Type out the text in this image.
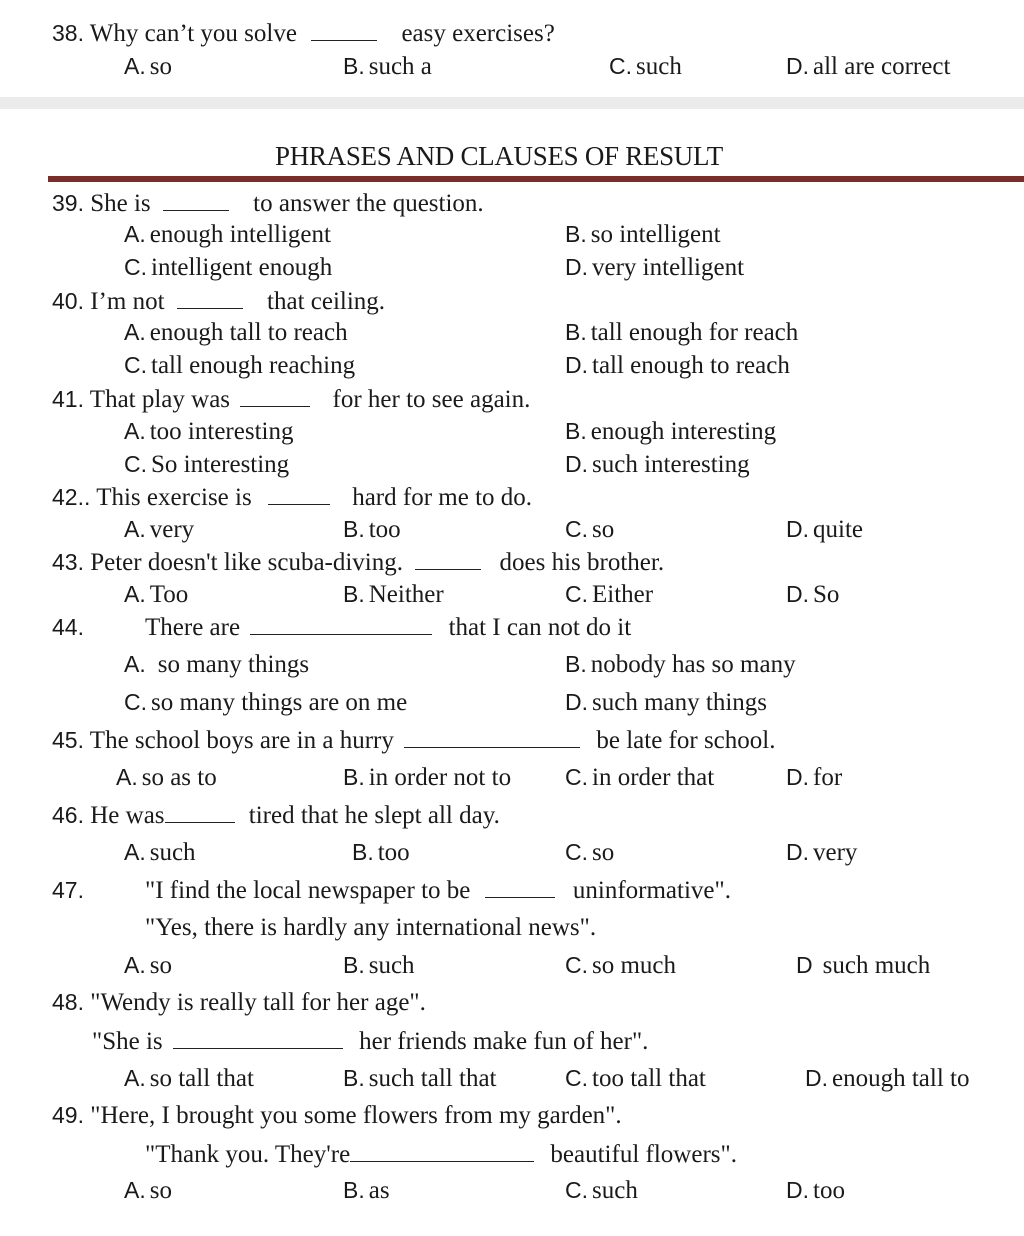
38. Why can’t you solve	easy exercises?
A. so	B. such a	C. such	D. all are correct
PHRASES AND CLAUSES OF RESULT
39. She is	to answer the question.
A. enough intelligent	B. so intelligent
C. intelligent enough	D. very intelligent
40. I’m not	that ceiling.
A. enough tall to reach	B. tall enough for reach
C. tall enough reaching	D. tall enough to reach
41. That play was	for her to see again.
A. too interesting	B. enough interesting
C. So interesting	D. such interesting
42.. This exercise is	hard for me to do.
A. very	B. too	C. so	D. quite
43. Peter doesn't like scuba-diving.	does his brother.
A. Too	B. Neither	C. Either	D. So
44. There are	that I can not do it
A. so many things	B. nobody has so many
C. so many things are on me	D. such many things
45. The school boys are in a hurry	be late for school.
A. so as to	B. in order not to C. in order that	D. for
46. He was	tired that he slept all day.
A. such	B. too	C. so	D. very
47. "I find the local newspaper to be	uninformative".
"Yes, there is hardly any international news".
A. so	B. such	C. so much	D such much
48. "Wendy is really tall for her age".
"She is	her friends make fun of her".
A. so tall that	B. such tall that	C. too tall that	D. enough tall to
49. "Here, I brought you some flowers from my garden".
"Thank you. They're	beautiful flowers".
A. so	B. as	C. such	D. too
